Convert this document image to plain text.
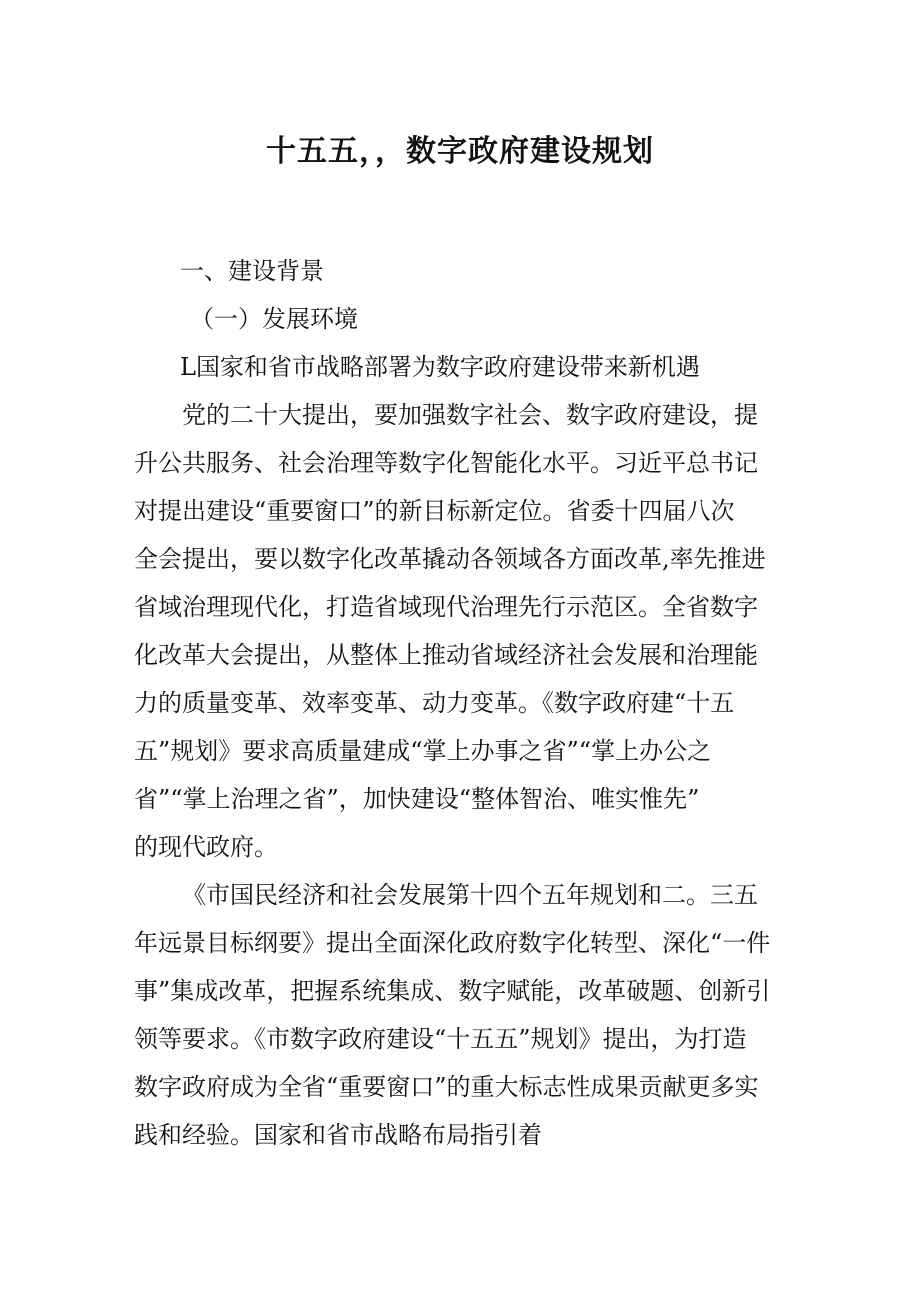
十五五，，数字政府建设规划

一、建设背景

（一）发展环境

L国家和省市战略部署为数字政府建设带来新机遇

党的二十大提出，要加强数字社会、数字政府建设，提

升公共服务、社会治理等数字化智能化水平。习近平总书记

对提出建设“重要窗口”的新目标新定位。省委十四届八次

全会提出，要以数字化改革撬动各领域各方面改革,率先推进

省域治理现代化，打造省域现代治理先行示范区。全省数字

化改革大会提出，从整体上推动省域经济社会发展和治理能

力的质量变革、效率变革、动力变革。《数字政府建“十五

五”规划》要求高质量建成“掌上办事之省”“掌上办公之

省”“掌上治理之省”，加快建设“整体智治、唯实惟先”

的现代政府。

《市国民经济和社会发展第十四个五年规划和二。三五

年远景目标纲要》提出全面深化政府数字化转型、深化“一件

事”集成改革，把握系统集成、数字赋能，改革破题、创新引

领等要求。《市数字政府建设“十五五”规划》提出，为打造

数字政府成为全省“重要窗口”的重大标志性成果贡献更多实

践和经验。国家和省市战略布局指引着
